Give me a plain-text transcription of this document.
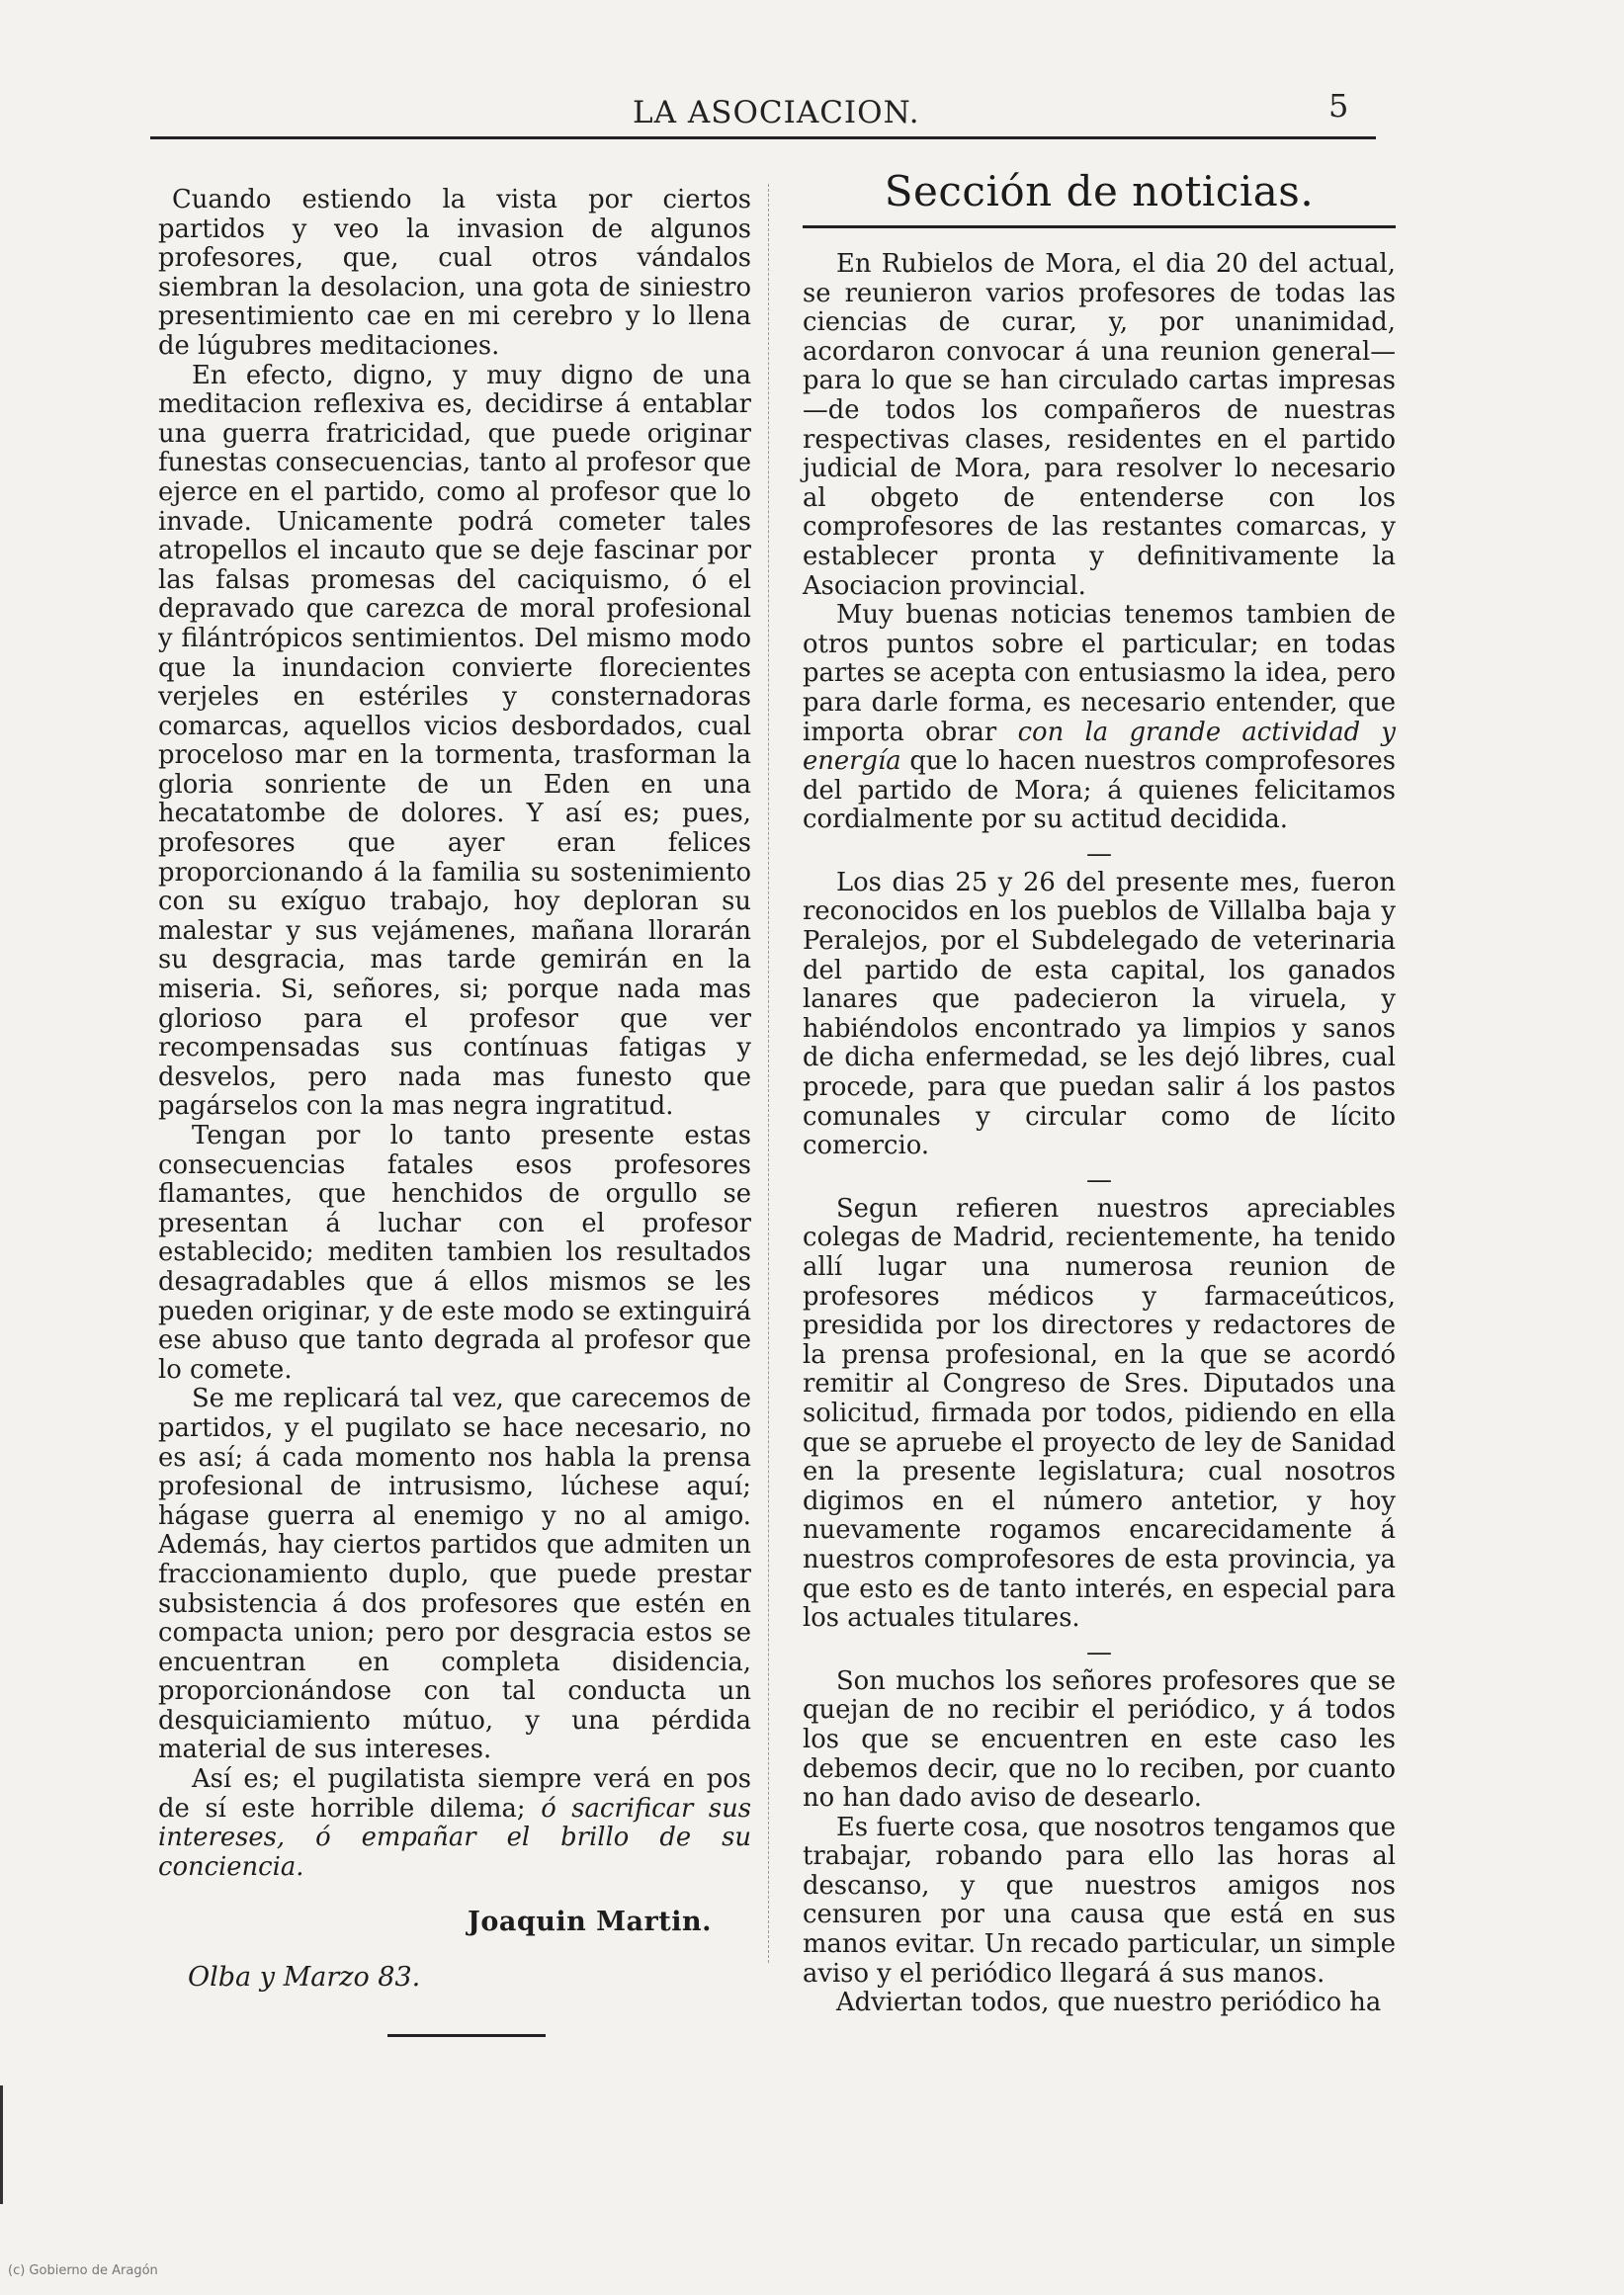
LA ASOCIACION.	5

Cuando estiendo la vista por ciertos partidos y veo la invasion de algunos profesores, que, cual otros vándalos siembran la desolacion, una gota de siniestro presentimiento cae en mi cerebro y lo llena de lúgubres meditaciones.

En efecto, digno, y muy digno de una meditacion reflexiva es, decidirse á entablar una guerra fratricidad, que puede originar funestas consecuencias, tanto al profesor que ejerce en el partido, como al profesor que lo invade. Unicamente podrá cometer tales atropellos el incauto que se deje fascinar por las falsas promesas del caciquismo, ó el depravado que carezca de moral profesional y filántrópicos sentimientos. Del mismo modo que la inundacion convierte florecientes verjeles en estériles y consternadoras comarcas, aquellos vicios desbordados, cual proceloso mar en la tormenta, trasforman la gloria sonriente de un Eden en una hecatatombe de dolores. Y así es; pues, profesores que ayer eran felices proporcionando á la familia su sostenimiento con su exíguo trabajo, hoy deploran su malestar y sus vejámenes, mañana llorarán su desgracia, mas tarde gemirán en la miseria. Si, señores, si; porque nada mas glorioso para el profesor que ver recompensadas sus contínuas fatigas y desvelos, pero nada mas funesto que pagárselos con la mas negra ingratitud.

Tengan por lo tanto presente estas consecuencias fatales esos profesores flamantes, que henchidos de orgullo se presentan á luchar con el profesor establecido; mediten tambien los resultados desagradables que á ellos mismos se les pueden originar, y de este modo se extinguirá ese abuso que tanto degrada al profesor que lo comete.

Se me replicará tal vez, que carecemos de partidos, y el pugilato se hace necesario, no es así; á cada momento nos habla la prensa profesional de intrusismo, lúchese aquí; hágase guerra al enemigo y no al amigo. Además, hay ciertos partidos que admiten un fraccionamiento duplo, que puede prestar subsistencia á dos profesores que estén en compacta union; pero por desgracia estos se encuentran en completa disidencia, proporcionándose con tal conducta un desquiciamiento mútuo, y una pérdida material de sus intereses.

Así es; el pugilatista siempre verá en pos de sí este horrible dilema; ó sacrificar sus intereses, ó empañar el brillo de su conciencia.

Joaquin Martin.
Olba y Marzo 83.
Sección de noticias.

En Rubielos de Mora, el dia 20 del actual, se reunieron varios profesores de todas las ciencias de curar, y, por unanimidad, acordaron convocar á una reunion general—para lo que se han circulado cartas impresas—de todos los compañeros de nuestras respectivas clases, residentes en el partido judicial de Mora, para resolver lo necesario al obgeto de entenderse con los comprofesores de las restantes comarcas, y establecer pronta y definitivamente la Asociacion provincial.

Muy buenas noticias tenemos tambien de otros puntos sobre el particular; en todas partes se acepta con entusiasmo la idea, pero para darle forma, es necesario entender, que importa obrar con la grande actividad y energía que lo hacen nuestros comprofesores del partido de Mora; á quienes felicitamos cordialmente por su actitud decidida.

—

Los dias 25 y 26 del presente mes, fueron reconocidos en los pueblos de Villalba baja y Peralejos, por el Subdelegado de veterinaria del partido de esta capital, los ganados lanares que padecieron la viruela, y habiéndolos encontrado ya limpios y sanos de dicha enfermedad, se les dejó libres, cual procede, para que puedan salir á los pastos comunales y circular como de lícito comercio.

—

Segun refieren nuestros apreciables colegas de Madrid, recientemente, ha tenido allí lugar una numerosa reunion de profesores médicos y farmaceúticos, presidida por los directores y redactores de la prensa profesional, en la que se acordó remitir al Congreso de Sres. Diputados una solicitud, firmada por todos, pidiendo en ella que se apruebe el proyecto de ley de Sanidad en la presente legislatura; cual nosotros digimos en el número antetior, y hoy nuevamente rogamos encarecidamente á nuestros comprofesores de esta provincia, ya que esto es de tanto interés, en especial para los actuales titulares.

—

Son muchos los señores profesores que se quejan de no recibir el periódico, y á todos los que se encuentren en este caso les debemos decir, que no lo reciben, por cuanto no han dado aviso de desearlo.

Es fuerte cosa, que nosotros tengamos que trabajar, robando para ello las horas al descanso, y que nuestros amigos nos censuren por una causa que está en sus manos evitar. Un recado particular, un simple aviso y el periódico llegará á sus manos.

Adviertan todos, que nuestro periódico ha

(c) Gobierno de Aragón
